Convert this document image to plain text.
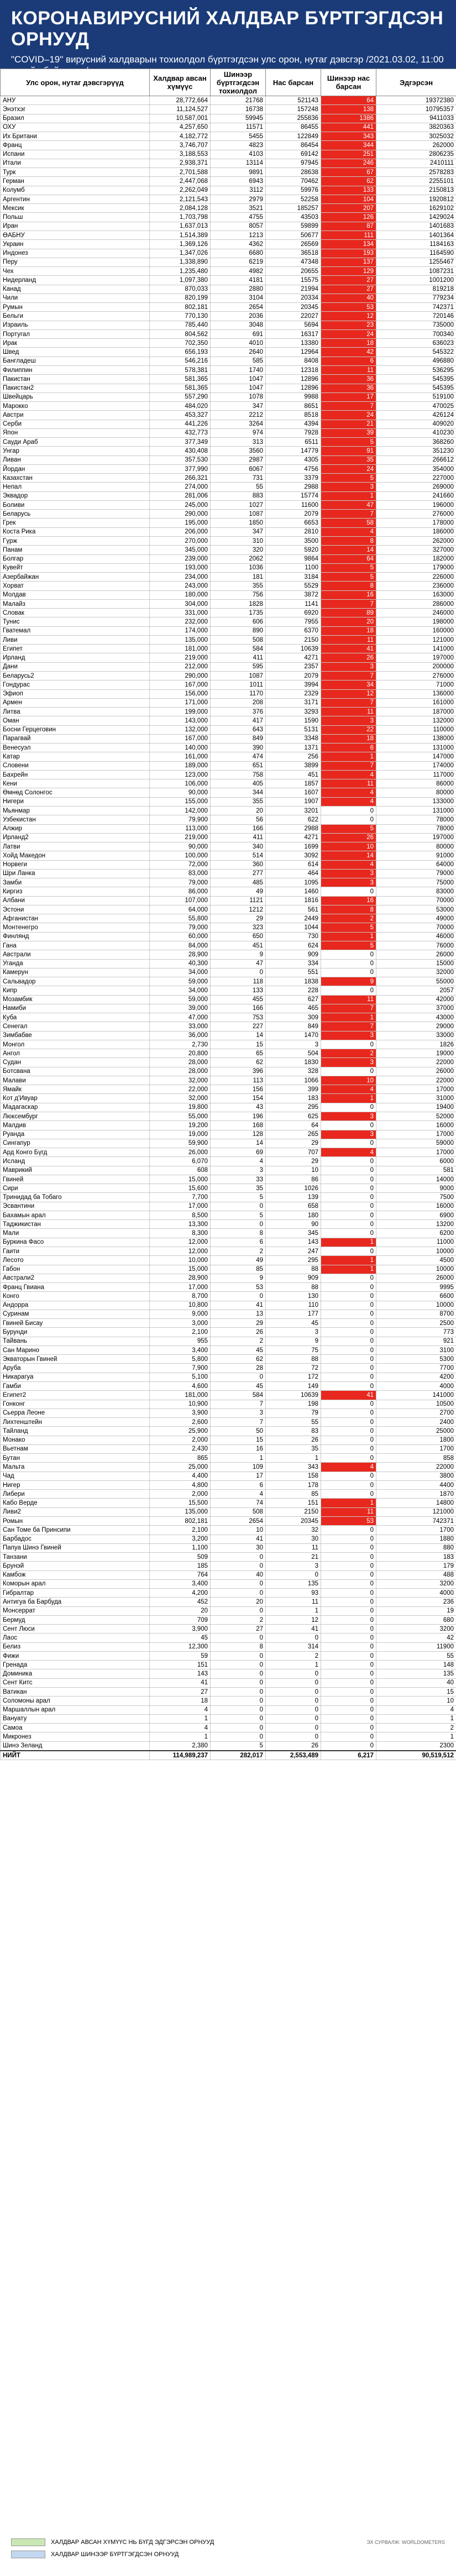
КОРОНАВИРУСНИЙ ХАЛДВАР БҮРТГЭГДСЭН ОРНУУД

"COVID–19" вирусний халдварын тохиолдол бүртгэгдсэн улс орон, нутаг дэвсгэр /2021.03.02, 11:00 цагийн байдлаар/

Улс орон, нутаг дэвсгэрүүд	Халдвар авсан хүмүүс	Шинээр бүртгэгдсэн тохиолдол	Нас барсан	Шинээр нас барсан	Эдгэрсэн
АНУ	28,772,664	21768	521143	64	19372380
Энэтхэг	11,124,527	16738	157248	138	10795357
Бразил	10,587,001	59945	255836	1386	9411033
ОХУ	4,257,650	11571	86455	441	3820363
Их Британи	4,182,772	5455	122849	343	3025032
Франц	3,746,707	4823	86454	344	262000
Испани	3,188,553	4103	69142	251	2806235
Итали	2,938,371	13114	97945	246	2410111
Турк	2,701,588	9891	28638	67	2578283
Герман	2,447,068	6943	70462	62	2255101
Колумб	2,262,049	3112	59976	133	2150813
Аргентин	2,121,543	2979	52258	104	1920812
Мексик	2,084,128	3521	185257	207	1629102
Польш	1,703,798	4755	43503	126	1429024
Иран	1,637,013	8057	59899	87	1401683
ӨАБНУ	1,514,389	1213	50677	111	1401364
Украин	1,369,126	4362	26569	134	1184163
Индонез	1,347,026	6680	36518	193	1164590
Перу	1,338,890	6219	47348	137	1255467
Чех	1,235,480	4982	20655	129	1087231
Нидерланд	1,097,380	4181	15575	27	1001200
Канад	870,033	2880	21994	27	819218
Чили	820,199	3104	20334	40	779234
Румын	802,181	2654	20345	53	742371
Бельги	770,130	2036	22027	12	720146
Израиль	785,440	3048	5694	23	735000
Португал	804,562	691	16317	24	700340
Ирак	702,350	4010	13380	18	636023
Швед	656,193	2640	12964	42	545322
Бангладеш	546,216	585	8408	6	496880
Филиппин	578,381	1740	12318	11	536295
Пакистан	581,365	1047	12896	36	545395
Пакистан2	581,365	1047	12896	36	545395
Швейцарь	557,290	1078	9988	17	519100
Марокко	484,020	347	8651	7	470025
Австри	453,327	2212	8518	24	426124
Серби	441,226	3264	4394	21	409020
Япон	432,773	974	7928	39	410230
Сауди Араб	377,349	313	6511	5	368260
Унгар	430,408	3560	14779	91	351230
Ливан	357,530	2987	4305	35	266612
Йордан	377,990	6067	4756	24	354000
Казахстан	266,321	731	3379	5	227000
Непал	274,000	55	2988	3	269000
Эквадор	281,006	883	15774	1	241660
Боливи	245,000	1027	11600	47	196000
Беларусь	290,000	1087	2079	7	276000
Грек	195,000	1850	6653	58	178000
Коста Рика	206,000	347	2810	4	186000
Гүрж	270,000	310	3500	8	262000
Панам	345,000	320	5920	14	327000
Болгар	239,000	2062	9864	64	182000
Кувейт	193,000	1036	1100	5	179000
Азербайжан	234,000	181	3184	5	226000
Хорват	243,000	355	5529	8	236000
Молдав	180,000	756	3872	16	163000
Малайз	304,000	1828	1141	7	286000
Словак	331,000	1735	6920	89	246000
Тунис	232,000	606	7955	20	198000
Гватемал	174,000	890	6370	18	160000
Ливи	135,000	508	2150	11	121000
Египет	181,000	584	10639	41	141000
Ирланд	219,000	411	4271	26	197000
Дани	212,000	595	2357	3	200000
Беларусь2	290,000	1087	2079	7	276000
Гондурас	167,000	1011	3994	34	71000
Эфиоп	156,000	1170	2329	12	136000
Армен	171,000	208	3171	7	161000
Литва	199,000	376	3293	11	187000
Оман	143,000	417	1590	3	132000
Босни Герцеговин	132,000	643	5131	22	110000
Парагвай	167,000	849	3348	18	138000
Венесуэл	140,000	390	1371	6	131000
Катар	161,000	474	256	1	147000
Словени	189,000	651	3899	7	174000
Бахрейн	123,000	758	451	4	117000
Кени	106,000	405	1857	11	86000
Өмнөд Солонгос	90,000	344	1607	4	80000
Нигери	155,000	355	1907	4	133000
Мьянмар	142,000	20	3201	0	131000
Узбекистан	79,900	56	622	0	78000
Алжир	113,000	166	2988	5	78000
Ирланд2	219,000	411	4271	26	197000
Латви	90,000	340	1699	10	80000
Хойд Македон	100,000	514	3092	14	91000
Норвеги	72,000	360	614	4	64000
Шри Ланка	83,000	277	464	3	79000
Замби	79,000	485	1095	3	75000
Киргиз	86,000	49	1460	0	83000
Албани	107,000	1121	1816	16	70000
Эстони	64,000	1212	561	8	53000
Афганистан	55,800	29	2449	2	49000
Монтенегро	79,000	323	1044	5	70000
Финлянд	60,000	650	730	1	46000
Гана	84,000	451	624	5	76000
Австрали	28,900	9	909	0	26000
Уганда	40,300	47	334	0	15000
Камерун	34,000	0	551	0	32000
Сальвадор	59,000	118	1838	9	55000
Кипр	34,000	133	228	0	2057
Мозамбик	59,000	455	627	11	42000
Намиби	39,000	166	465	7	37000
Куба	47,000	753	309	1	43000
Сенегал	33,000	227	849	7	29000
Зимбабве	36,000	14	1470	3	33000
Монгол	2,730	15	3	0	1826
Ангол	20,800	65	504	2	19000
Судан	28,000	62	1830	3	22000
Ботсвана	28,000	396	328	0	26000
Малави	32,000	113	1066	10	22000
Ямайк	22,000	156	399	4	17000
Кот д'Ивуар	32,000	154	183	1	31000
Мадагаскар	19,800	43	295	0	19400
Люксембург	55,000	196	625	3	52000
Малдив	19,200	168	64	0	16000
Руанда	19,000	128	265	3	17000
Сингапур	59,900	14	29	0	59000
Ард Конго Бүгд	26,000	69	707	4	17000
Исланд	6,070	4	29	0	6000
Маврикий	608	3	10	0	581
Гвиней	15,000	33	86	0	14000
Сири	15,600	35	1026	0	9000
Тринидад ба Тобаго	7,700	5	139	0	7500
Эсвантини	17,000	0	658	0	16000
Бахамын арал	8,500	5	180	0	6900
Таджикистан	13,300	0	90	0	13200
Мали	8,300	8	345	0	6200
Буркина Фасо	12,000	6	143	1	11000
Гаити	12,000	2	247	0	10000
Лесото	10,000	49	295	1	4500
Габон	15,000	85	88	1	10000
Австрали2	28,900	9	909	0	26000
Франц Гвиана	17,000	53	88	0	9995
Конго	8,700	0	130	0	6600
Андорра	10,800	41	110	0	10000
Суринам	9,000	13	177	0	8700
Гвиней Бисау	3,000	29	45	0	2500
Бурунди	2,100	26	3	0	773
Тайвань	955	2	9	0	921
Сан Марино	3,400	45	75	0	3100
Экваторын Гвиней	5,800	62	88	0	5300
Аруба	7,900	28	72	0	7700
Никарагуа	5,100	0	172	0	4200
Гамби	4,600	45	149	0	4000
Египет2	181,000	584	10639	41	141000
Гонконг	10,900	7	198	0	10500
Сьерра Леоне	3,900	3	79	0	2700
Лихтенштейн	2,600	7	55	0	2400
Тайланд	25,900	50	83	0	25000
Монако	2,000	15	26	0	1800
Вьетнам	2,430	16	35	0	1700
Бутан	865	1	1	0	858
Мальта	25,000	109	343	4	22000
Чад	4,400	17	158	0	3800
Нигер	4,800	6	178	0	4400
Либери	2,000	4	85	0	1870
Кабо Верде	15,500	74	151	1	14800
Ливи2	135,000	508	2150	11	121000
Ромын	802,181	2654	20345	53	742371
Сан Томе ба Принсипи	2,100	10	32	0	1700
Барбадос	3,200	41	30	0	1880
Папуа Шинэ Гвиней	1,100	30	11	0	880
Танзани	509	0	21	0	183
Брунэй	185	0	3	0	179
Камбож	764	40	0	0	488
Коморын арал	3,400	0	135	0	3200
Гибралтар	4,200	0	93	0	4000
Антигуа ба Барбуда	452	20	11	0	236
Монсеррат	20	0	1	0	19
Бермуд	709	2	12	0	680
Сент Люси	3,900	27	41	0	3200
Лаос	45	0	0	0	42
Белиз	12,300	8	314	0	11900
Фижи	59	0	2	0	55
Гренада	151	0	1	0	148
Доминика	143	0	0	0	135
Сент Китс	41	0	0	0	40
Ватикан	27	0	0	0	15
Соломоны арал	18	0	0	0	10
Маршаллын арал	4	0	0	0	4
Вануату	1	0	0	0	1
Самоа	4	0	0	0	2
Микронез	1	0	0	0	1
Шинэ Зеланд	2,380	5	26	0	2300
НИЙТ	114,989,237	282,017	2,553,489	6,217	90,519,512
ХАЛДВАР АВСАН ХҮМҮҮС НЬ БҮГД ЭДГЭРСЭН ОРНУУД
ХАЛДВАР ШИНЭЭР БҮРТГЭГДСЭН ОРНУУД
ЭХ СУРВАЛЖ: WORLDOMETERS
